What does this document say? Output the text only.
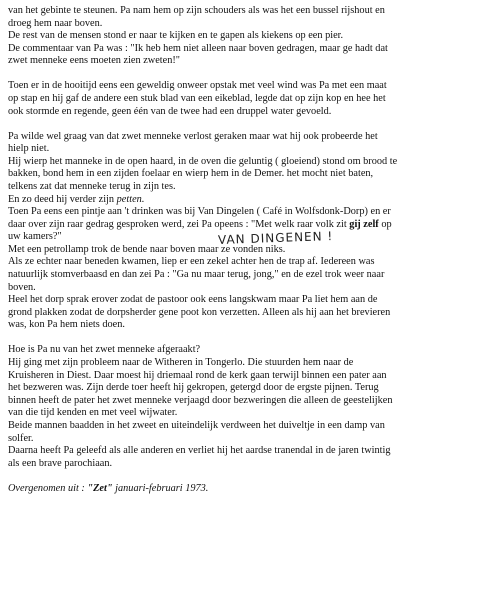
van het gebinte te steunen. Pa nam hem op zijn schouders als was het een bussel rijshout en
droeg hem naar boven.
De rest van de mensen stond er naar te kijken en te gapen als kiekens op een pier.
De commentaar van Pa was : "Ik heb hem niet alleen naar boven gedragen, maar ge hadt dat
zwet menneke eens moeten zien zweten!"

Toen er in de hooitijd eens een geweldig onweer opstak met veel wind was Pa met een maat
op stap en hij gaf de andere een stuk blad van een eikeblad, legde dat op zijn kop en hee het
ook stormde en regende, geen één van de twee had een druppel water gevoeld.

Pa wilde wel graag van dat zwet menneke verlost geraken maar wat hij ook probeerde het
hielp niet.
Hij wierp het manneke in de open haard, in de oven die geluntig ( gloeiend) stond om brood te
bakken, bond hem in een zijden foelaar en wierp hem in de Demer. het mocht niet baten,
telkens zat dat menneke terug in zijn tes.
En zo deed hij verder zijn petten.

Toen Pa eens een pintje aan 't drinken was bij Van Dingelen ( Café in Wolfsdonk-Dorp) en er
daar over zijn raar gedrag gesproken werd, zei Pa opeens : "Met welk raar volk zit gij zelf op
uw kamers?"
Met een petrollamp trok de bende naar boven maar ze vonden niks.
Als ze echter naar beneden kwamen, liep er een zekel achter hen de trap af. Iedereen was
natuurlijk stomverbaasd en dan zei Pa : "Ga nu maar terug, jong," en de ezel trok weer naar
boven.
Heel het dorp sprak erover zodat de pastoor ook eens langskwam maar Pa liet hem aan de
grond plakken zodat de dorpsherder gene poot kon verzetten. Alleen als hij aan het brevieren
was, kon Pa hem niets doen.

Hoe is Pa nu van het zwet menneke afgeraakt?
Hij ging met zijn probleem naar de Witheren in Tongerlo. Die stuurden hem naar de
Kruisheren in Diest. Daar moest hij driemaal rond de kerk gaan terwijl binnen een pater aan
het bezweren was. Zijn derde toer heeft hij gekropen, getergd door de ergste pijnen. Terug
binnen heeft de pater het zwet menneke verjaagd door bezweringen die alleen de geestelijken
van die tijd kenden en met veel wijwater.
Beide mannen baadden in het zweet en uiteindelijk verdween het duiveltje in een damp van
solfer.
Daarna heeft Pa geleefd als alle anderen en verliet hij het aardse tranendal in de jaren twintig
als een brave parochiaan.

Overgenomen uit : "Zet" januari-februari 1973.

VAN DINGENEN !
